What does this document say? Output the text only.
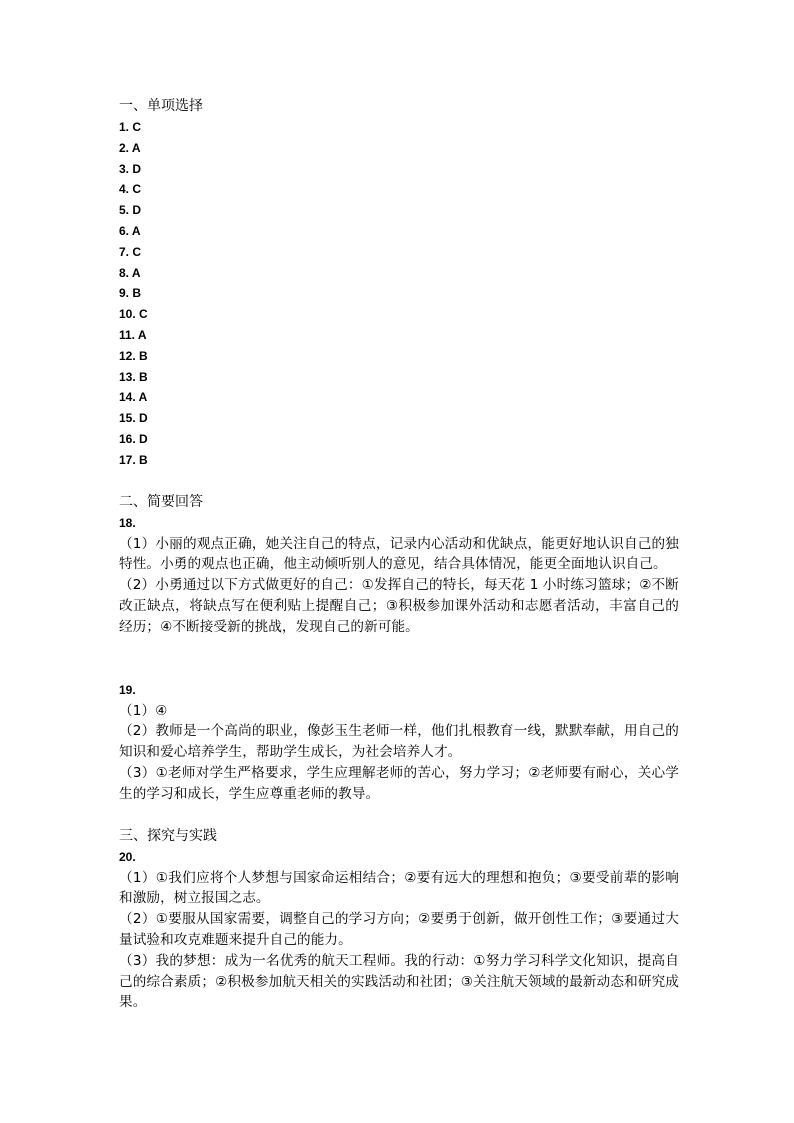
一、单项选择
1. C
2. A
3. D
4. C
5. D
6. A
7. C
8. A
9. B
10. C
11. A
12. B
13. B
14. A
15. D
16. D
17. B
二、简要回答
18.

（1）小丽的观点正确，她关注自己的特点，记录内心活动和优缺点，能更好地认识自己的独特性。小勇的观点也正确，他主动倾听别人的意见，结合具体情况，能更全面地认识自己。

（2）小勇通过以下方式做更好的自己：①发挥自己的特长，每天花 1 小时练习篮球；②不断改正缺点，将缺点写在便利贴上提醒自己；③积极参加课外活动和志愿者活动，丰富自己的经历；④不断接受新的挑战，发现自己的新可能。

19.

（1）④

（2）教师是一个高尚的职业，像彭玉生老师一样，他们扎根教育一线，默默奉献，用自己的知识和爱心培养学生，帮助学生成长，为社会培养人才。

（3）①老师对学生严格要求，学生应理解老师的苦心，努力学习；②老师要有耐心，关心学生的学习和成长，学生应尊重老师的教导。

三、探究与实践
20.

（1）①我们应将个人梦想与国家命运相结合；②要有远大的理想和抱负；③要受前辈的影响和激励，树立报国之志。

（2）①要服从国家需要，调整自己的学习方向；②要勇于创新，做开创性工作；③要通过大量试验和攻克难题来提升自己的能力。

（3）我的梦想：成为一名优秀的航天工程师。我的行动：①努力学习科学文化知识，提高自己的综合素质；②积极参加航天相关的实践活动和社团；③关注航天领域的最新动态和研究成果。
